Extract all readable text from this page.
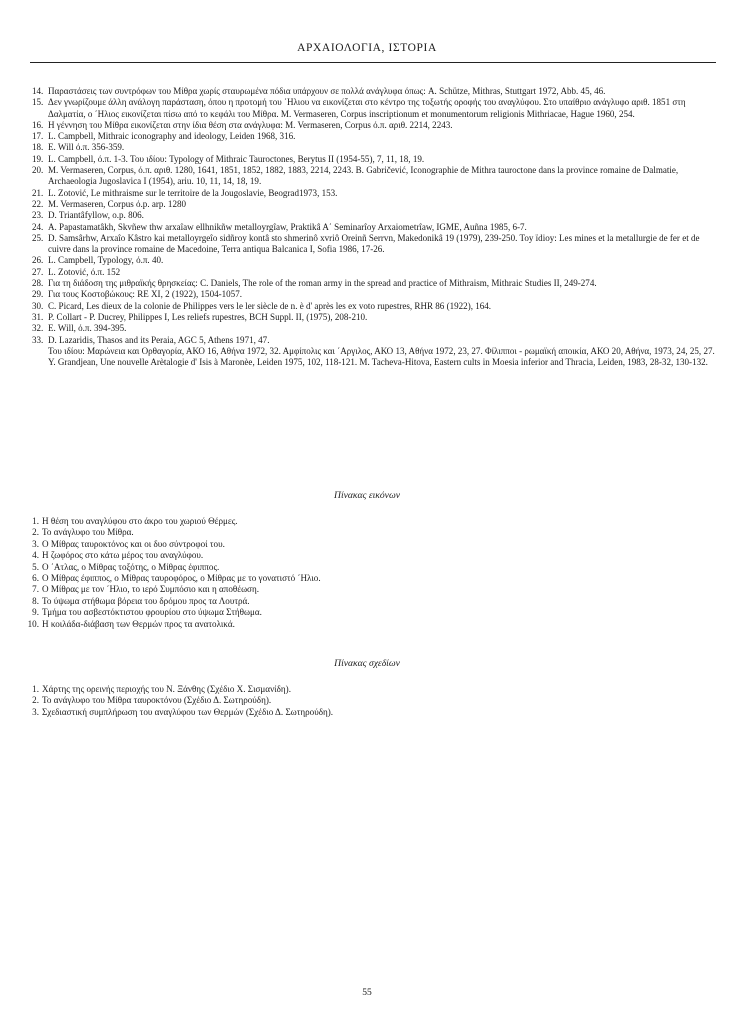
ΑΡΧΑΙΟΛΟΓΙΑ, ΙΣΤΟΡΙΑ
14. Παραστάσεις των συντρόφων του Μίθρα χωρίς σταυρωμένα πόδια υπάρχουν σε πολλά ανάγλυφα όπως: A. Schütze, Mithras, Stuttgart 1972, Abb. 45, 46.
15. Δεν γνωρίζουμε άλλη ανάλογη παράσταση, όπου η προτομή του ΄Ηλιου να εικονίζεται στο κέντρο της τοξωτής οροφής του αναγλύφου. Στο υπαίθριο ανάγλυφο αριθ. 1851 στη Δαλματία, ο ΄Ηλιος εικονίζεται πίσω από το κεφάλι του Μίθρα. M. Vermaseren, Corpus inscriptionum et monumentorum religionis Mithriacae, Hague 1960, 254.
16. Η γέννηση του Μίθρα εικονίζεται στην ίδια θέση στα ανάγλυφα: M. Vermaseren, Corpus ό.π. αριθ. 2214, 2243.
17. L. Campbell, Mithraic iconography and ideology, Leiden 1968, 316.
18. E. Will ό.π. 356-359.
19. L. Campbell, ό.π. 1-3. Του ιδίου: Typology of Mithraic Tauroctones, Berytus II (1954-55), 7, 11, 18, 19.
20. M. Vermaseren, Corpus, ό.π. αριθ. 1280, 1641, 1851, 1852, 1882, 1883, 2214, 2243. B. Gabričević, Iconographie de Mithra tauroctone dans la province romaine de Dalmatie, Archaeologia Jugoslavica I (1954), ariu. 10, 11, 14, 18, 19.
21. L. Zotović, Le mithraisme sur le territoire de la Jougoslavie, Beograd1973, 153.
22. M. Vermaseren, Corpus ό.p. arp. 1280
23. D. Triantâfyllow, o.p. 806.
24. A. Papastamatâkh, Skvñew thw arxaîaw ellhnikñw metalloyrgîaw, Praktikâ A΄ Seminarîoy Arxaiometrîaw, IGME, Auñna 1985, 6-7.
25. D. Samsârhw, Arxaîo Kâstro kai metalloyrgeîo sidñroy kontâ sto shmerinô xvriô Oreinñ Serrvn, Makedonikâ 19 (1979), 239-250. Toy ïdioy: Les mines et la metallurgie de fer et de cuivre dans la province romaine de Macedoine, Terra antiqua Balcanica I, Sofia 1986, 17-26.
26. L. Campbell, Typology, ό.π. 40.
27. L. Zotović, ό.π. 152
28. Για τη διάδοση της μιθραϊκής θρησκείας: C. Daniels, The role of the roman army in the spread and practice of Mithraism, Mithraic Studies II, 249-274.
29. Για τους Κοστοβώκους: RE XI, 2 (1922), 1504-1057.
30. C. Picard, Les dieux de la colonie de Philippes vers le ler siècle de n. è d' après les ex voto rupestres, RHR 86 (1922), 164.
31. P. Collart - P. Ducrey, Philippes I, Les reliefs rupestres, BCH Suppl. II, (1975), 208-210.
32. E. Will, ό.π. 394-395.
33. D. Lazaridis, Thasos and its Peraia, AGC 5, Athens 1971, 47.
Του ιδίου: Μαρώνεια και Ορθαγορία, ΑΚΟ 16, Αθήνα 1972, 32. Αμφίπολις και ΄Αργιλος, ΑΚΟ 13, Αθήνα 1972, 23, 27. Φίλιπποι - ρωμαϊκή αποικία, ΑΚΟ 20, Αθήνα, 1973, 24, 25, 27. Y. Grandjean, Une nouvelle Arètalogie d' Isis à Maronèe, Leiden 1975, 102, 118-121. M. Tacheva-Hitova, Eastern cults in Moesia inferior and Thracia, Leiden, 1983, 28-32, 130-132.
Πίνακας εικόνων
1. Η θέση του αναγλύφου στο άκρο του χωριού Θέρμες.
2. Το ανάγλυφο του Μίθρα.
3. Ο Μίθρας ταυροκτόνος και οι δυο σύντροφοί του.
4. Η ζωφόρος στο κάτω μέρος του αναγλύφου.
5. Ο ΄Ατλας, ο Μίθρας τοξότης, ο Μίθρας έφιππος.
6. Ο Μίθρας έφιππος, ο Μίθρας ταυροφόρος, ο Μίθρας με το γονατιστό ΄Ηλιο.
7. Ο Μίθρας με τον ΄Ηλιο, το ιερό Συμπόσιο και η αποθέωση.
8. Το ύψωμα στήθωμα βόρεια του δρόμου προς τα Λουτρά.
9. Τμήμα του ασβεστόκτιστου φρουρίου στο ύψωμα Στήθωμα.
10. Η κοιλάδα-διάβαση των Θερμών προς τα ανατολικά.
Πίνακας σχεδίων
1. Χάρτης της ορεινής περιοχής του Ν. Ξάνθης (Σχέδιο Χ. Σισμανίδη).
2. Το ανάγλυφο του Μίθρα ταυροκτόνου (Σχέδιο Δ. Σωτηρούδη).
3. Σχεδιαστική συμπλήρωση του αναγλύφου των Θερμών (Σχέδιο Δ. Σωτηρούδη).
55
